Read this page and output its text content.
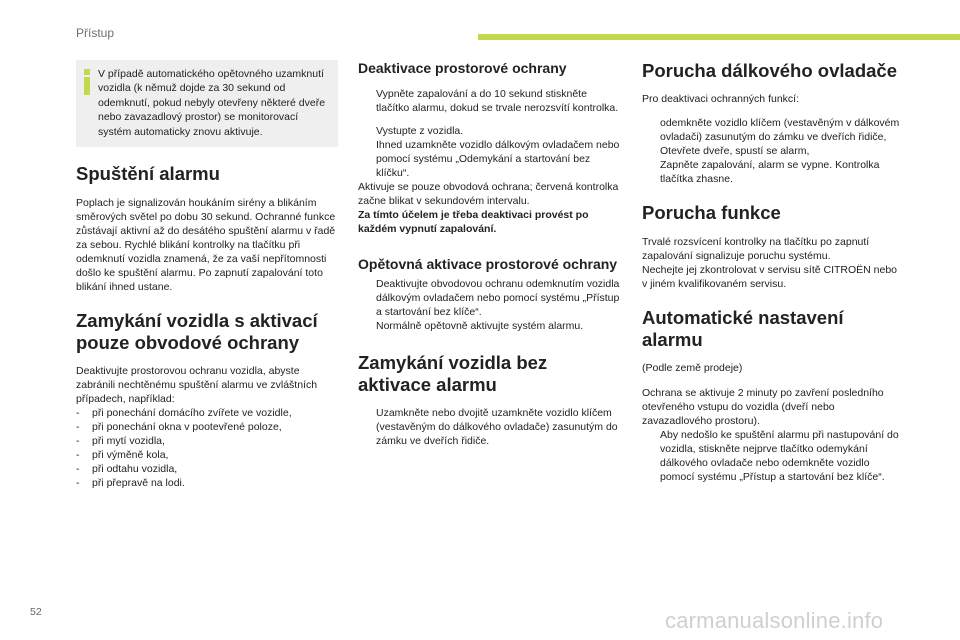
Přístup
V případě automatického opětovného uzamknutí vozidla (k němuž dojde za 30 sekund od odemknutí, pokud nebyly otevřeny některé dveře nebo zavazadlový prostor) se monitorovací systém automaticky znovu aktivuje.
Spuštění alarmu

Poplach je signalizován houkáním sirény a blikáním směrových světel po dobu 30 sekund. Ochranné funkce zůstávají aktivní až do desátého spuštění alarmu v řadě za sebou. Rychlé blikání kontrolky na tlačítku při odemknutí vozidla znamená, že za vaší nepřítomnosti došlo ke spuštění alarmu. Po zapnutí zapalování toto blikání ihned ustane.

Zamykání vozidla s aktivací pouze obvodové ochrany

Deaktivujte prostorovou ochranu vozidla, abyste zabránili nechtěnému spuštění alarmu ve zvláštních případech, například:

- při ponechání domácího zvířete ve vozidle,
- při ponechání okna v pootevřené poloze,
- při mytí vozidla,
- při výměně kola,
- při odtahu vozidla,
- při přepravě na lodi.
Deaktivace prostorové ochrany
Vypněte zapalování a do 10 sekund stiskněte tlačítko alarmu, dokud se trvale nerozsvítí kontrolka.
Vystupte z vozidla.
Ihned uzamkněte vozidlo dálkovým ovladačem nebo pomocí systému „Odemykání a startování bez klíčku“.

Aktivuje se pouze obvodová ochrana; červená kontrolka začne blikat v sekundovém intervalu.

Za tímto účelem je třeba deaktivaci provést po každém vypnutí zapalování.

Opětovná aktivace prostorové ochrany
Deaktivujte obvodovou ochranu odemknutím vozidla dálkovým ovladačem nebo pomocí systému „Přístup a startování bez klíče“.
Normálně opětovně aktivujte systém alarmu.
Zamykání vozidla bez aktivace alarmu
Uzamkněte nebo dvojitě uzamkněte vozidlo klíčem (vestavěným do dálkového ovladače) zasunutým do zámku ve dveřích řidiče.
Porucha dálkového ovladače

Pro deaktivaci ochranných funkcí:

odemkněte vozidlo klíčem (vestavěným v dálkovém ovladači) zasunutým do zámku ve dveřích řidiče,
Otevřete dveře, spustí se alarm,
Zapněte zapalování, alarm se vypne. Kontrolka tlačítka zhasne.
Porucha funkce

Trvalé rozsvícení kontrolky na tlačítku po zapnutí zapalování signalizuje poruchu systému.

Nechejte jej zkontrolovat v servisu sítě CITROËN nebo v jiném kvalifikovaném servisu.

Automatické nastavení alarmu

(Podle země prodeje)

Ochrana se aktivuje 2 minuty po zavření posledního otevřeného vstupu do vozidla (dveří nebo zavazadlového prostoru).

Aby nedošlo ke spuštění alarmu při nastupování do vozidla, stiskněte nejprve tlačítko odemykání dálkového ovladače nebo odemkněte vozidlo pomocí systému „Přístup a startování bez klíče“.
52	carmanualsonline.info
